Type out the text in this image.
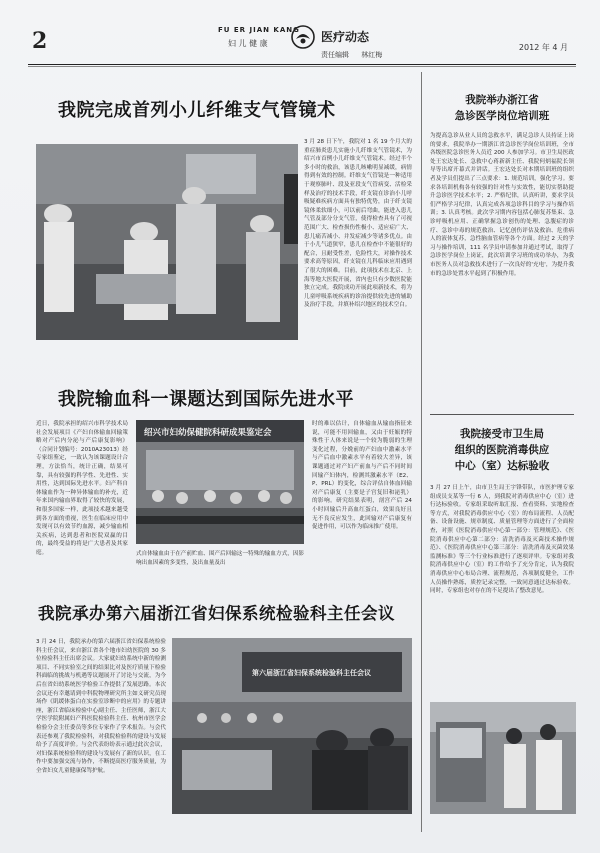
2	FU ER JIAN KANG
妇 儿 健 康	医疗动态
责任编辑 林红梅
2012 年 4 月
我院完成首列小儿纤维支气管镜术
3 月 28 日下午，我院对 1 名 19 个月大的重症肺炎患儿实施小儿纤维支气管镜术，为绍兴市首例小儿纤维支气管镜术。经过半个多小时的救治，该患儿咳嗽明显减缓，病情得到有效的控制。纤维支气管镜是一种适用于观察肺叶、段及亚段支气管病变、活检采样及治疗的技术手段，纤支镜在诊治小儿呼吸疑难疾病方面具有独特优势，由于纤支镜镜体柔软细小，可以前后弯曲，能进入患儿气管及部分分支气管，使得检查具有了可视范围广大、检查损伤性极小、适应症广大、患儿痛苦减小、并发症减少等诸多优点。由于小儿气道狭窄，患儿在检查中不能很好的配合，且耐受性差，危险性大，对操作技术要求高等原因，纤支镜在儿科临床应用遇到了很大的困难。目前，此项技术在北京、上海等地大医院开展，省内也只有少数医院能独立完成。我院成功开展此项新技术，将为儿童呼吸系统疾病的诊治提供较先进的辅助及治疗手段，并填补绍兴地区的技术空白。
我院输血科一课题达到国际先进水平
近日，我院承担的绍兴市科学技术局社会发展项目《产妇自体输血回输策略对产后内分泌与产后康复影响》（合同计划编号：2010A23013）经专家组鉴定，一致认为该课题设计合理，方法恰当，统计正确，结果可靠，具有较强的科学性、先进性、实用性，达到国际先进水平。妇产科自体输血作为一种异体输血的补充，近年来国内输血界取得了较快的发展，和很多国家一样，此项技术越来越受到各方面的重视，医生在临床应用中发现可以有效节约血源，减少输血相关疾病，达到患者和医院双赢的目的，最终受益的将是广大患者及其家庭。
绍兴市妇幼保健院科研成果鉴定会
式自体输血由于在产前贮血、围产后回输这一特殊的输血方式，因影响出血因素的多变性，及出血量及出
时的难以估计，自体输血从输血指征来说，可能不用回输血，又由于妊娠的特殊性于人体来说是一个较为脆弱的生理变化过程，分娩前的产妇血中激素水平与产后血中激素水平有着较大差异，该课题通过对产妇产前血与产后不同时间回输产妇体内，检测其激素水平（E2、P、PRL）的变化，综合评估自体血回输对产后康复（主要是子宫复旧和泌乳）的影响。研究结果表明，剖宫产后 24 小时回输后升高血红蛋白，效果良好且无不良反应发生，此回输对产后康复有促进作用，可以作为临床推广使用。
我院承办第六届浙江省妇保系统检验科主任会议
3 月 24 日，我院承办的第六届浙江省妇保系统检验科主任会议，来自浙江省各个地市妇幼医院的 30 多位检验科主任出席会议。大家就妇幼系统中新的检测项目、不同实验室之间的结果比对及医疗质量下检验科面临的挑战与机遇等议题展开了讨论与交流，为今后在省妇幼系统医学检验工作提供了发展思路。本次会议还有幸邀请到中科院物理研究所主如义研究员现场作《肌缓体蛋白在实验室诊断中的应用》的专题讲座，浙江省临床检验中心副主任、主任医师，浙江大学医学院附属妇产科医院检验科主任、杭州市医学会检验分会主任委员等多位专家作了学术报告。与会代表还参观了我院检验科，对我院检验科的建设与发展给予了高度评价。与会代表纷纷表示通过此次会议，对妇保系统检验科的建设与发展有了新的认识，在工作中要加强交流与协作，不断提高医疗服务质量，为全省妇女儿童健康保驾护航。
第六届浙江省妇保系统检验科主任会议
我院举办浙江省
急诊医学岗位培训班
为提高急诊从业人员的急救水平，满足急诊人员持证上岗的要求，我院举办一期浙江省急诊医学岗位培训班，全市各级医院急诊医务人员近 200 人参加学习。市卫生局医政处王宏达处长、急救中心蒋新新主任、我院何炳福院长领导等出席开幕式并讲话。王宏达处长对本期培训班的组织者及学员们提出了三点要求：1. 规范培训，强化学习。要求各培训机构各有较强的针对性与实效性，能切实帮助提升急诊医学技术水平；2. 严格纪律，认真听讲，要求学员们严格学习纪律，认真完成各项急诊科目的学习与操作培训；3. 认真考核。此次学习期内容包括心肺复苏集束、急诊呼吸机应用、正确掌握急诊创伤的处理、急腹症的诊疗、急诊中毒的规范救治、记忆创伤评估及救治、危重病人的液体复苏，急性脑血管病等各个方面。经过 2 天的学习与操作培训，111 名学员申请参加并通过考试，取得了急诊医学岗位上岗证，此次培训学习班的成功举办，为我市医务人员对急救技术进行了一次良好的'充电'，为提升我市的急诊处置水平起到了积极作用。
我院接受市卫生局
组织的医院消毒供应
中心（室）达标验收
3 月 27 日上午，由市卫生局王宇锋带队，市医护理专家组成员支某等一行 6 人，到我院对消毒供应中心（室）进行达标验收。专家组采取听取汇报、查看资料、实地检查等方式，对我院消毒供应中心（室）的布局流程、人员配备、设备设施、规章制度、质量管理等方面进行了全面检查，对照《医院消毒供应中心第一部分：管理规范》、《医院消毒供应中心第二部分：清洗消毒及灭菌技术操作规范》、《医院消毒供应中心第三部分：清洗消毒及灭菌效果监测标准》等三个行业标准进行了逐项评审。专家组对我院消毒供应中心（室）的工作给予了充分肯定，认为我院消毒供应中心布局合理、流程规范，各项制度健全，工作人员操作熟练，质控记录完整，一致同意通过达标验收。同时，专家组也对存在的不足提出了整改意见。
